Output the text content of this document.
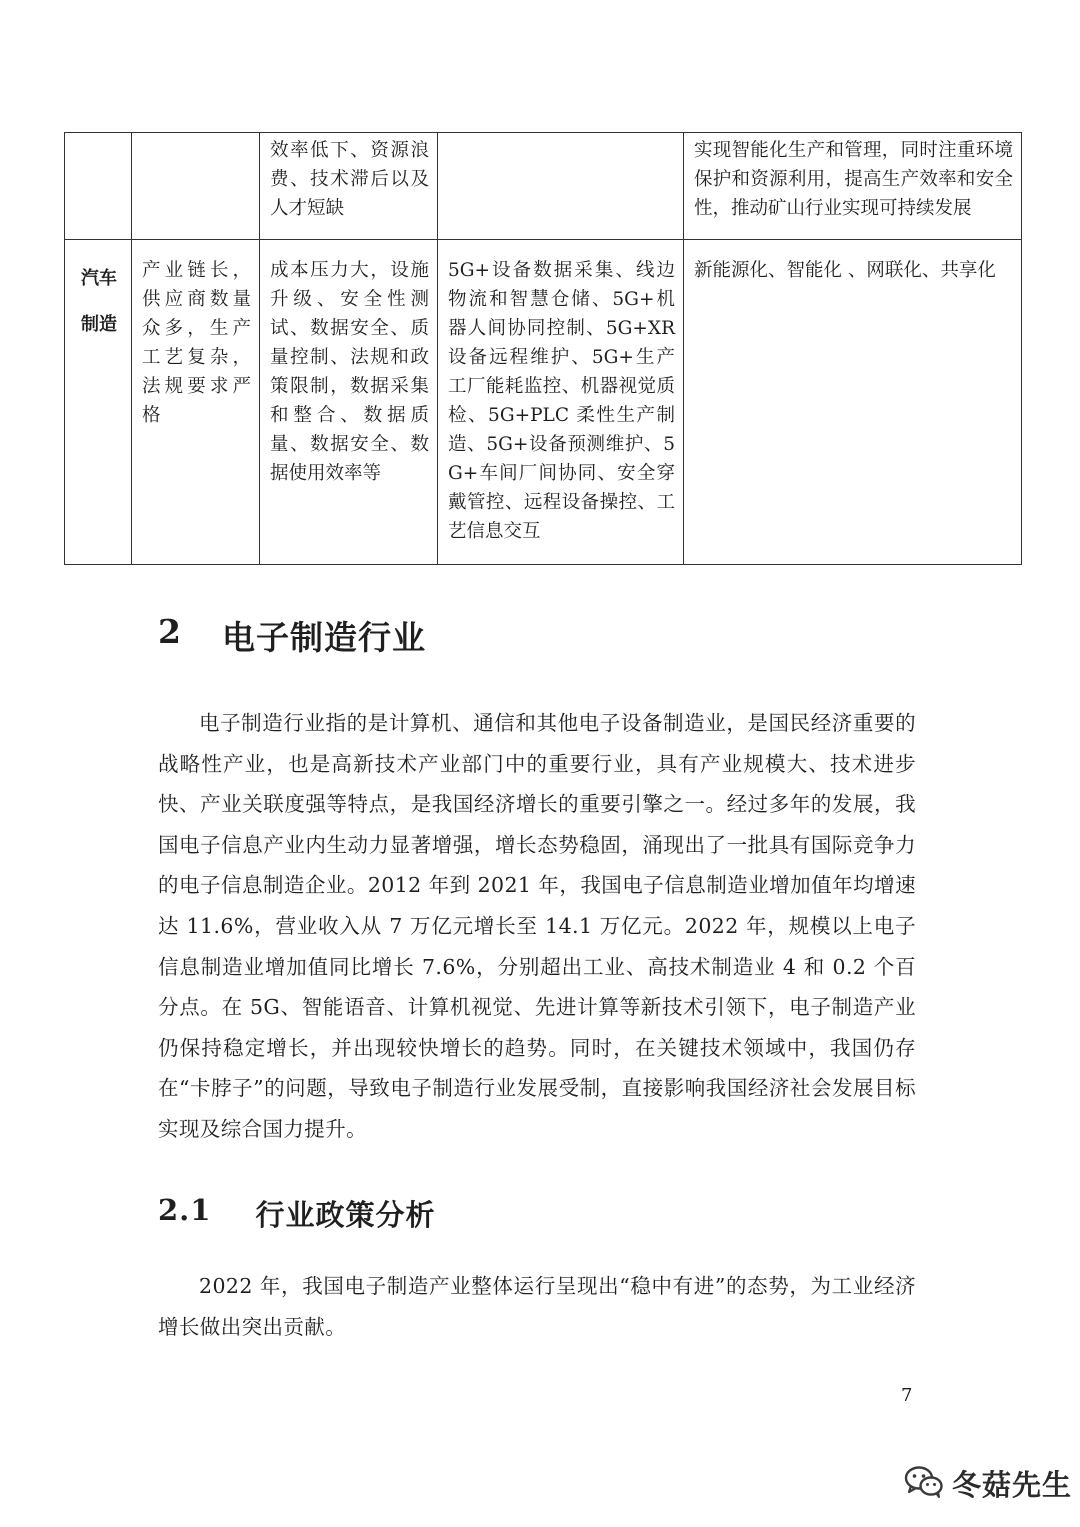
		效率低下、资源浪费、技术滞后以及人才短缺		实现智能化生产和管理，同时注重环境保护和资源利用，提高生产效率和安全性，推动矿山行业实现可持续发展
汽车制造	产业链长，供应商数量众多，生产工艺复杂，法规要求严格	成本压力大，设施升级、安全性测试、数据安全、质量控制、法规和政策限制，数据采集和整合、数据质量、数据安全、数据使用效率等	5G+设备数据采集、线边物流和智慧仓储、5G+机器人间协同控制、5G+XR 设备远程维护、5G+生产工厂能耗监控、机器视觉质检、5G+PLC 柔性生产制造、5G+设备预测维护、5G+车间厂间协同、安全穿戴管控、远程设备操控、工艺信息交互	新能源化、智能化 、网联化、共享化
2 电子制造行业

电子制造行业指的是计算机、通信和其他电子设备制造业，是国民经济重要的战略性产业，也是高新技术产业部门中的重要行业，具有产业规模大、技术进步快、产业关联度强等特点，是我国经济增长的重要引擎之一。经过多年的发展，我国电子信息产业内生动力显著增强，增长态势稳固，涌现出了一批具有国际竞争力的电子信息制造企业。2012 年到 2021 年，我国电子信息制造业增加值年均增速达 11.6%，营业收入从 7 万亿元增长至 14.1 万亿元。2022 年，规模以上电子信息制造业增加值同比增长 7.6%，分别超出工业、高技术制造业 4 和 0.2 个百分点。在 5G、智能语音、计算机视觉、先进计算等新技术引领下，电子制造产业仍保持稳定增长，并出现较快增长的趋势。同时，在关键技术领域中，我国仍存在“卡脖子”的问题，导致电子制造行业发展受制，直接影响我国经济社会发展目标实现及综合国力提升。

2.1 行业政策分析

2022 年，我国电子制造产业整体运行呈现出“稳中有进”的态势，为工业经济增长做出突出贡献。

7
冬菇先生
